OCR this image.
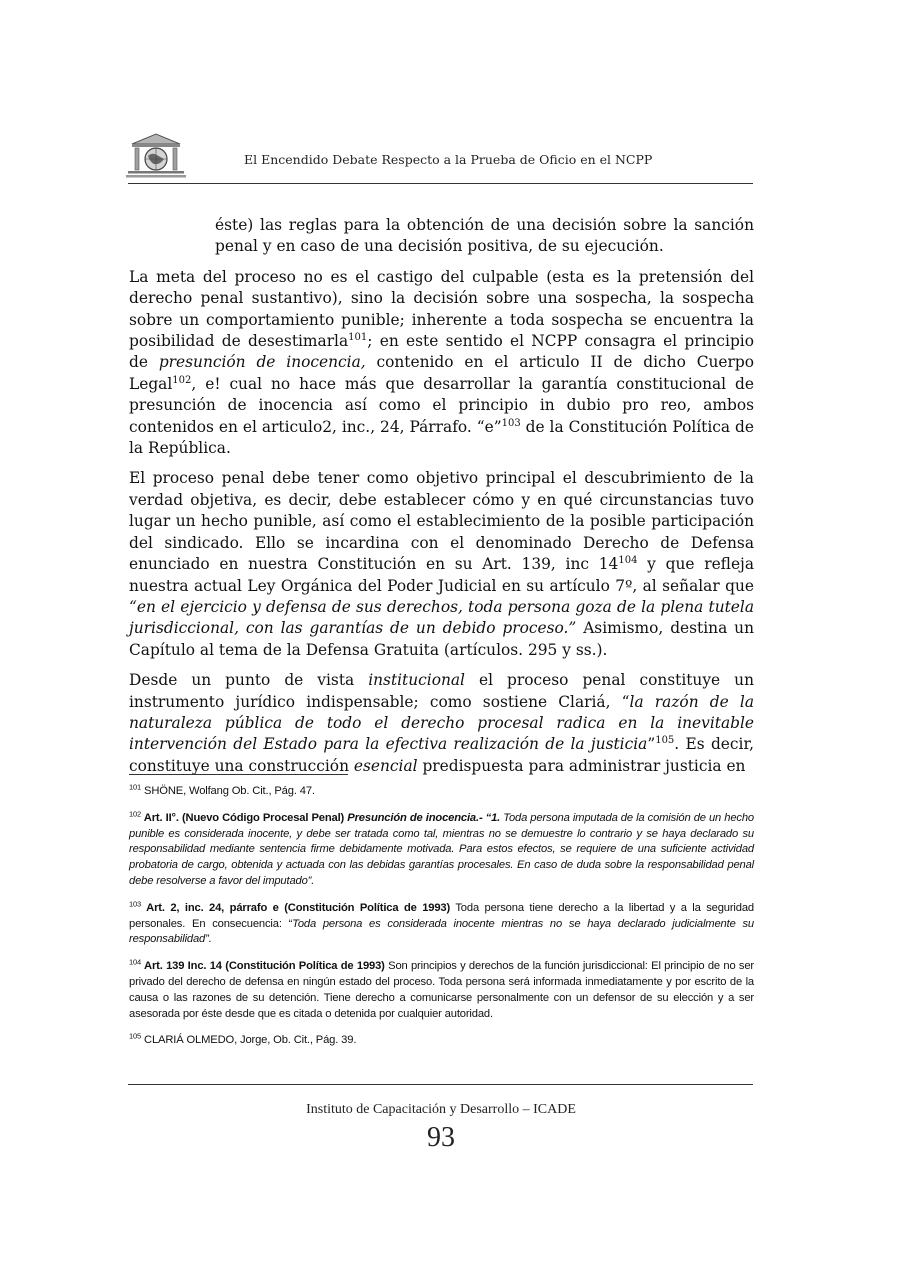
El Encendido Debate Respecto a la Prueba de Oficio en el NCPP

éste) las reglas para la obtención de una decisión sobre la sanción penal y en caso de una decisión positiva, de su ejecución.

La meta del proceso no es el castigo del culpable (esta es la pretensión del derecho penal sustantivo), sino la decisión sobre una sospecha, la sospecha sobre un comportamiento punible; inherente a toda sospecha se encuentra la posibilidad de desestimarla$^{101}$; en este sentido el NCPP consagra el principio de presunción de inocencia, contenido en el articulo II de dicho Cuerpo Legal$^{102}$, e! cual no hace más que desarrollar la garantía constitucional de presunción de inocencia así como el principio in dubio pro reo, ambos contenidos en el articulo2, inc., 24, Párrafo. “e”$^{103}$ de la Constitución Política de la República.

El proceso penal debe tener como objetivo principal el descubrimiento de la verdad objetiva, es decir, debe establecer cómo y en qué circunstancias tuvo lugar un hecho punible, así como el establecimiento de la posible participación del sindicado. Ello se incardina con el denominado Derecho de Defensa enunciado en nuestra Constitución en su Art. 139, inc $14^{104}$ y que refleja nuestra actual Ley Orgánica del Poder Judicial en su artículo 7º, al señalar que “en el ejercicio y defensa de sus derechos, toda persona goza de la plena tutela jurisdiccional, con las garantías de un debido proceso.” Asimismo, destina un Capítulo al tema de la Defensa Gratuita (artículos. 295 y ss.).

Desde un punto de vista institucional el proceso penal constituye un instrumento jurídico indispensable; como sostiene Clariá, “la razón de la naturaleza pública de todo el derecho procesal radica en la inevitable intervención del Estado para la efectiva realización de la justicia”$^{105}$. Es decir, constituye una construcción esencial predispuesta para administrar justicia en

$^{101}$ SHÖNE, Wolfang Ob. Cit., Pág. 47.

$^{102}$ Art. II°. (Nuevo Código Procesal Penal) Presunción de inocencia.- “1. Toda persona imputada de la comisión de un hecho punible es considerada inocente, y debe ser tratada como tal, mientras no se demuestre lo contrario y se haya declarado su responsabilidad mediante sentencia firme debidamente motivada. Para estos efectos, se requiere de una suficiente actividad probatoria de cargo, obtenida y actuada con las debidas garantías procesales. En caso de duda sobre la responsabilidad penal debe resolverse a favor del imputado”.

$^{103}$ Art. 2, inc. 24, párrafo e (Constitución Política de 1993) Toda persona tiene derecho a la libertad y a la seguridad personales. En consecuencia: “Toda persona es considerada inocente mientras no se haya declarado judicialmente su responsabilidad”.

$^{104}$ Art. 139 Inc. 14 (Constitución Política de 1993) Son principios y derechos de la función jurisdiccional: El principio de no ser privado del derecho de defensa en ningún estado del proceso. Toda persona será informada inmediatamente y por escrito de la causa o las razones de su detención. Tiene derecho a comunicarse personalmente con un defensor de su elección y a ser asesorada por éste desde que es citada o detenida por cualquier autoridad.

$^{105}$ CLARIÁ OLMEDO, Jorge, Ob. Cit., Pág. 39.

Instituto de Capacitación y Desarrollo – ICADE
93
